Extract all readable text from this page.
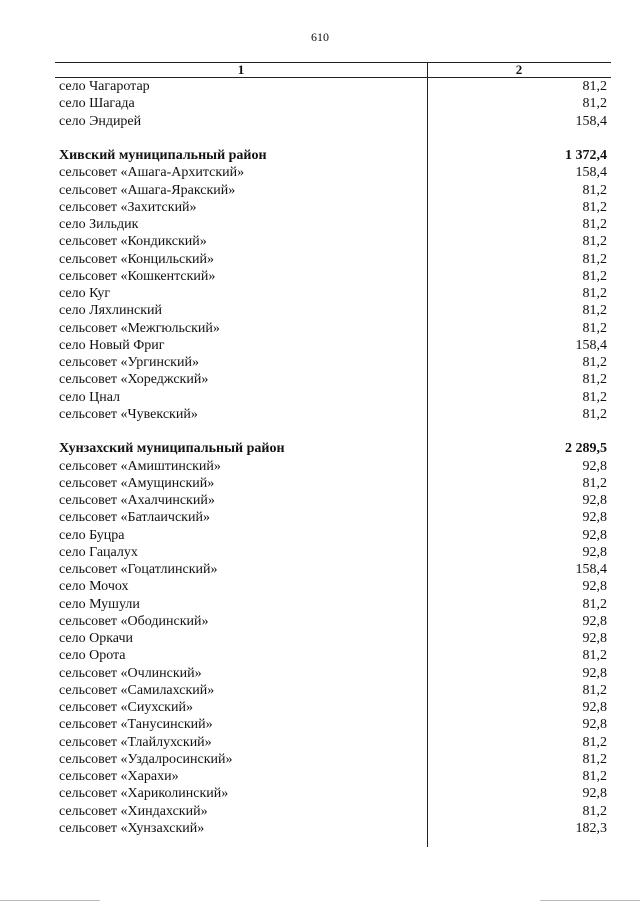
610
1	2
село Чагаротар	81,2
село Шагада	81,2
село Эндирей	158,4
Хивский муниципальный район	1 372,4
сельсовет «Ашага-Архитский»	158,4
сельсовет «Ашага-Яракский»	81,2
сельсовет «Захитский»	81,2
село Зильдик	81,2
сельсовет «Кондикский»	81,2
сельсовет «Концильский»	81,2
сельсовет «Кошкентский»	81,2
село Куг	81,2
село Ляхлинский	81,2
сельсовет «Межгюльский»	81,2
село Новый Фриг	158,4
сельсовет «Ургинский»	81,2
сельсовет «Хореджский»	81,2
село Цнал	81,2
сельсовет «Чувекский»	81,2
Хунзахский муниципальный район	2 289,5
сельсовет «Амиштинский»	92,8
сельсовет «Амущинский»	81,2
сельсовет «Ахалчинский»	92,8
сельсовет «Батлаичский»	92,8
село Буцра	92,8
село Гацалух	92,8
сельсовет «Гоцатлинский»	158,4
село Мочох	92,8
село Мушули	81,2
сельсовет «Ободинский»	92,8
село Оркачи	92,8
село Орота	81,2
сельсовет «Очлинский»	92,8
сельсовет «Самилахский»	81,2
сельсовет «Сиухский»	92,8
сельсовет «Танусинский»	92,8
сельсовет «Тлайлухский»	81,2
сельсовет «Уздалросинский»	81,2
сельсовет «Харахи»	81,2
сельсовет «Хариколинский»	92,8
сельсовет «Хиндахский»	81,2
сельсовет «Хунзахский»	182,3
